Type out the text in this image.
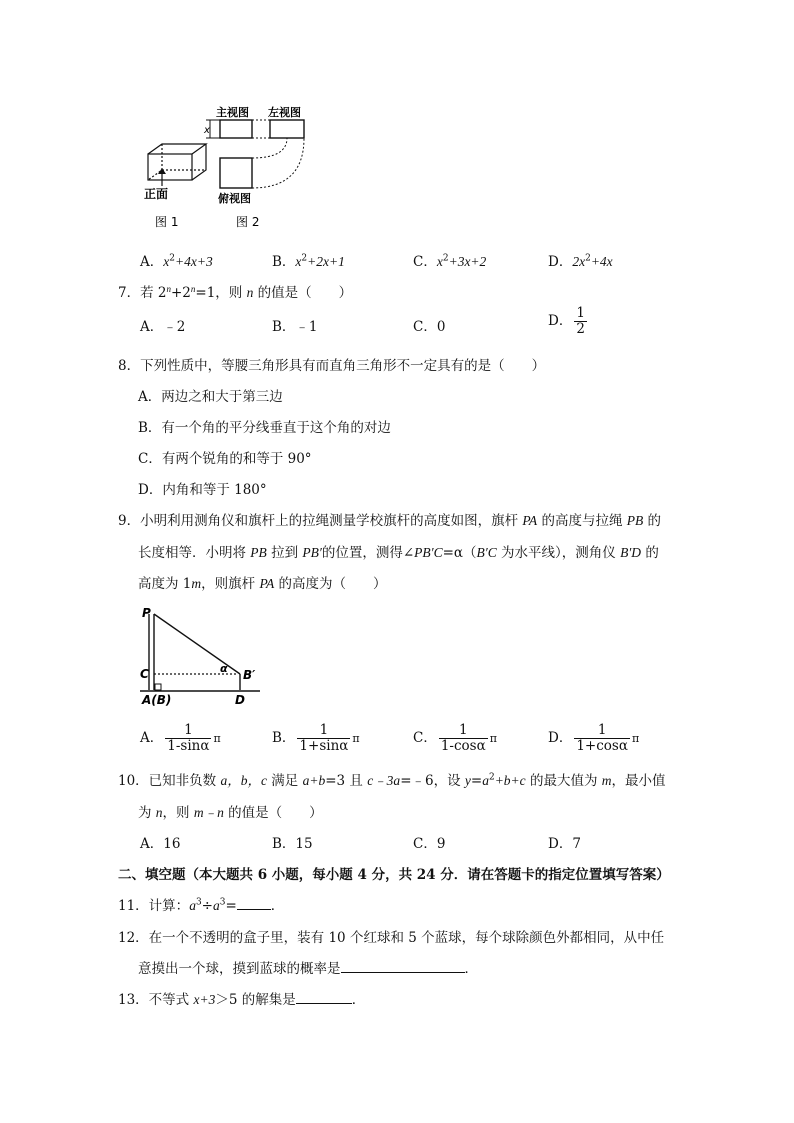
正面
x
主视图 左视图
俯视图
图 1	图 2
A．$x^2+4x+3$	B．$x^2+2x+1$	C．$x^2+3x+2$	D．$2x^2+4x$
7．若 $2^n+2^n=1$，则 n 的值是（　　）
A．﹣2	B．﹣1	C．0	D． $\frac{1}{2}$
8．下列性质中，等腰三角形具有而直角三角形不一定具有的是（　　）
A．两边之和大于第三边
B．有一个角的平分线垂直于这个角的对边
C．有两个锐角的和等于 90°
D．内角和等于 180°
9．小明利用测角仪和旗杆上的拉绳测量学校旗杆的高度如图，旗杆 PA 的高度与拉绳 PB 的
长度相等．小明将 PB 拉到 PB′的位置，测得∠PB′C=α（B′C 为水平线），测角仪 B′D 的
高度为 1m，则旗杆 PA 的高度为（　　）
P
C	α B′
A(B)	D
A． $\frac{1}{1-\sin\alpha}$ π	B． $\frac{1}{1+\sin\alpha}$ π	C． $\frac{1}{1-\cos\alpha}$ π	D． $\frac{1}{1+\cos\alpha}$ π
10．已知非负数 a，b，c 满足 a+b=3 且 c﹣3a=﹣6，设 $y=a^2+b+c$ 的最大值为 m，最小值
为 n，则 m﹣n 的值是（　　）
A．16	B．15	C．9	D．7
二、填空题（本大题共 6 小题，每小题 4 分，共 24 分．请在答题卡的指定位置填写答案）
11．计算：$a^3\div a^3=$	．
12．在一个不透明的盒子里，装有 10 个红球和 5 个蓝球，每个球除颜色外都相同，从中任
意摸出一个球，摸到蓝球的概率是	．
13．不等式 x+3＞5 的解集是	．
